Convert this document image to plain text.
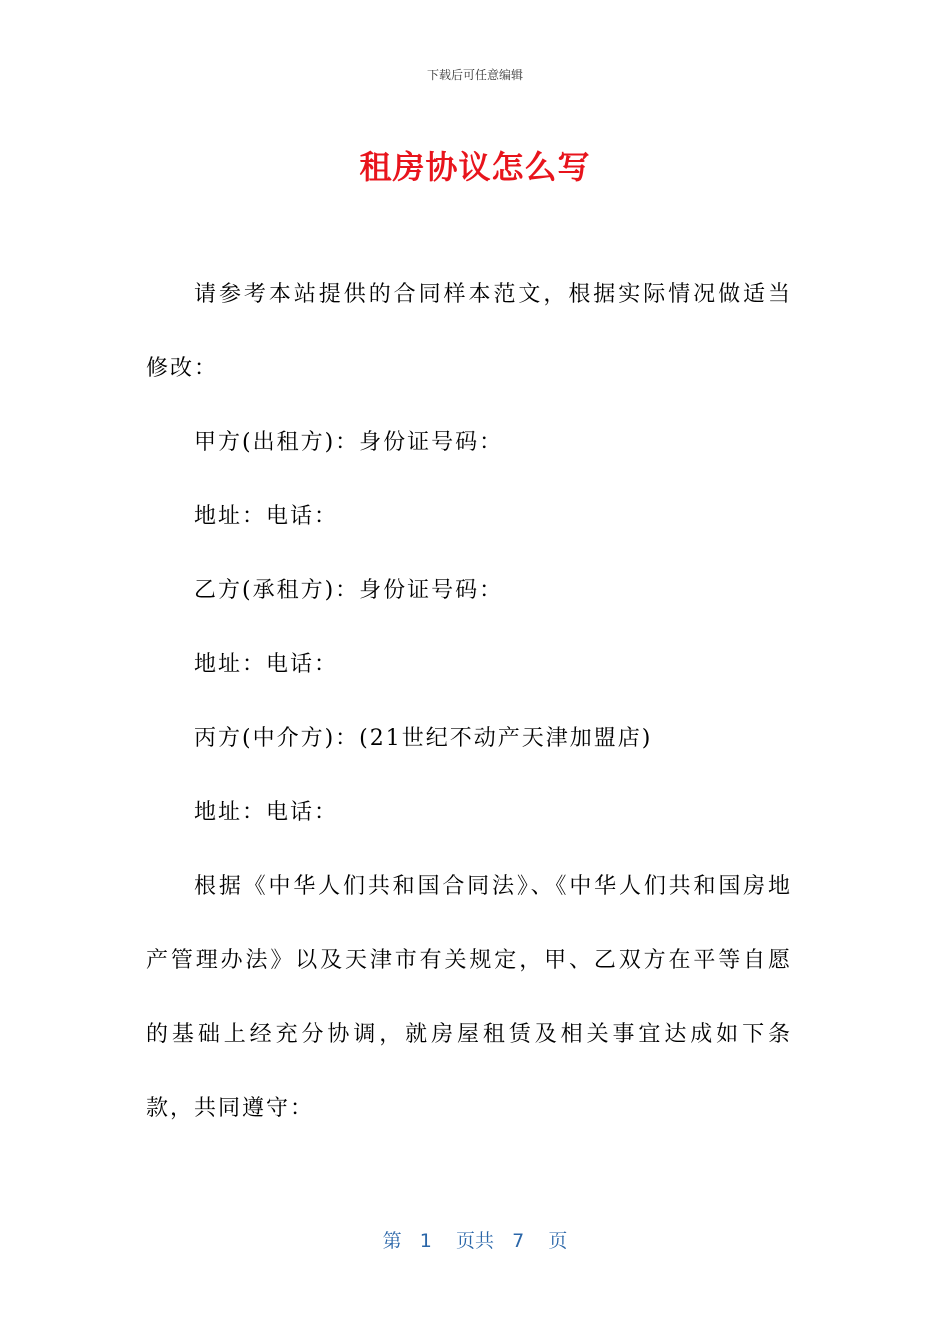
下载后可任意编辑
租房协议怎么写
请参考本站提供的合同样本范文，根据实际情况做适当修改：
甲方(出租方)：身份证号码：
地址：电话：
乙方(承租方)：身份证号码：
地址：电话：
丙方(中介方)：(21世纪不动产天津加盟店)
地址：电话：
根据《中华人们共和国合同法》、《中华人们共和国房地产管理办法》以及天津市有关规定，甲、乙双方在平等自愿的基础上经充分协调，就房屋租赁及相关事宜达成如下条款，共同遵守：
第 1 页共 7 页
